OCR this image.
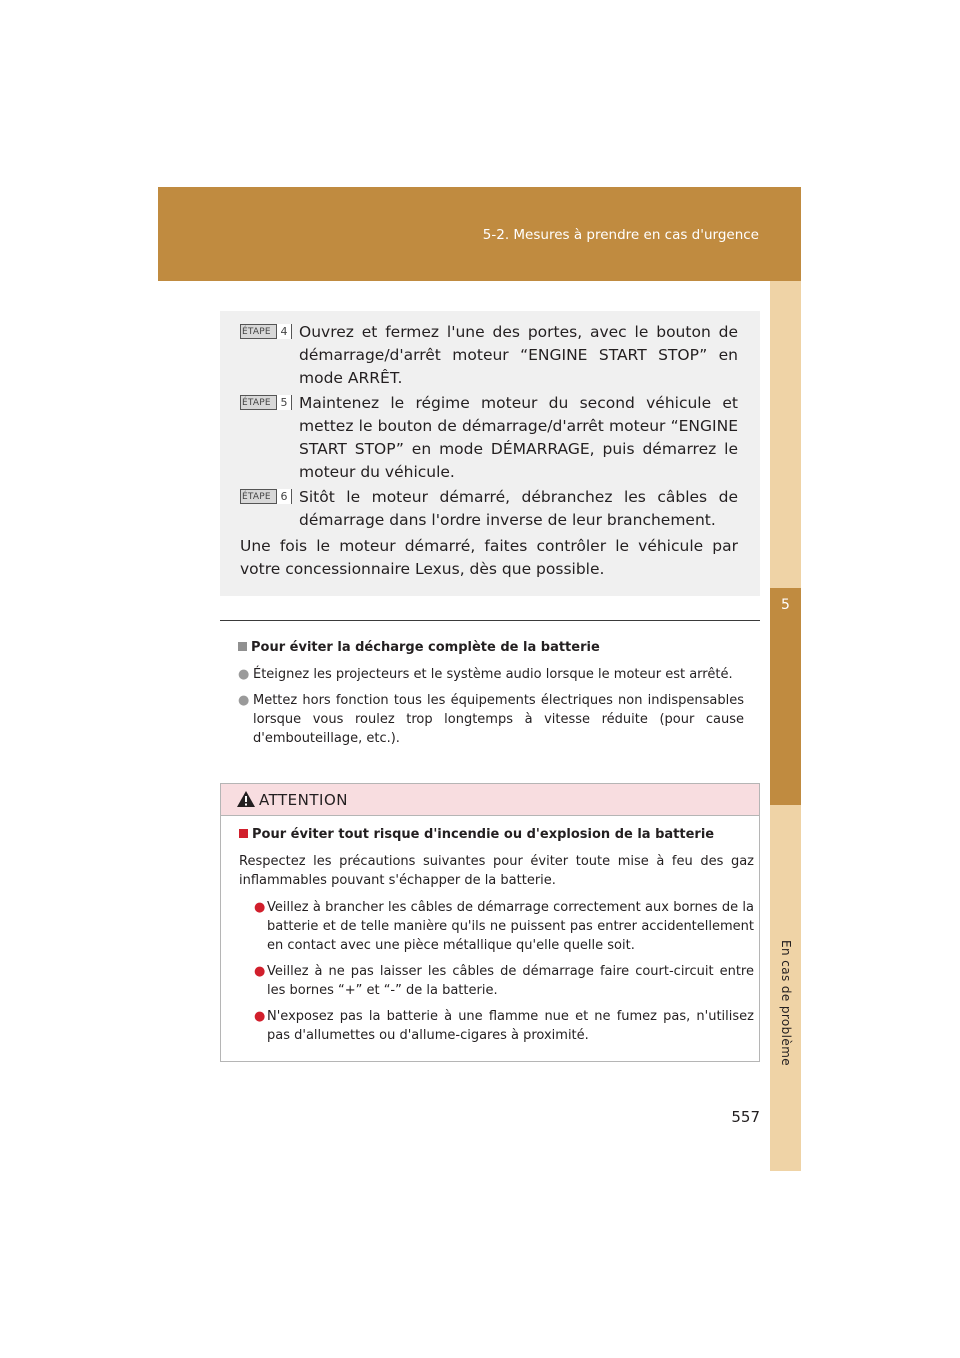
5-2. Mesures à prendre en cas d'urgence
5
En cas de problème
ÉTAPE 4 Ouvrez et fermez l'une des portes, avec le bouton de démarrage/d'arrêt moteur “ENGINE START STOP” en mode ARRÊT.
ÉTAPE 5 Maintenez le régime moteur du second véhicule et mettez le bouton de démarrage/d'arrêt moteur “ENGINE START STOP” en mode DÉMARRAGE, puis démarrez le moteur du véhicule.
ÉTAPE 6 Sitôt le moteur démarré, débranchez les câbles de démarrage dans l'ordre inverse de leur branchement.
Une fois le moteur démarré, faites contrôler le véhicule par votre concessionnaire Lexus, dès que possible.
Pour éviter la décharge complète de la batterie
● Éteignez les projecteurs et le système audio lorsque le moteur est arrêté.
● Mettez hors fonction tous les équipements électriques non indispensables lorsque vous roulez trop longtemps à vitesse réduite (pour cause d'embouteillage, etc.).
ATTENTION
Pour éviter tout risque d'incendie ou d'explosion de la batterie
Respectez les précautions suivantes pour éviter toute mise à feu des gaz inflammables pouvant s'échapper de la batterie.
● Veillez à brancher les câbles de démarrage correctement aux bornes de la batterie et de telle manière qu'ils ne puissent pas entrer accidentellement en contact avec une pièce métallique qu'elle quelle soit.
● Veillez à ne pas laisser les câbles de démarrage faire court-circuit entre les bornes “+” et “-” de la batterie.
● N'exposez pas la batterie à une flamme nue et ne fumez pas, n'utilisez pas d'allumettes ou d'allume-cigares à proximité.
557
